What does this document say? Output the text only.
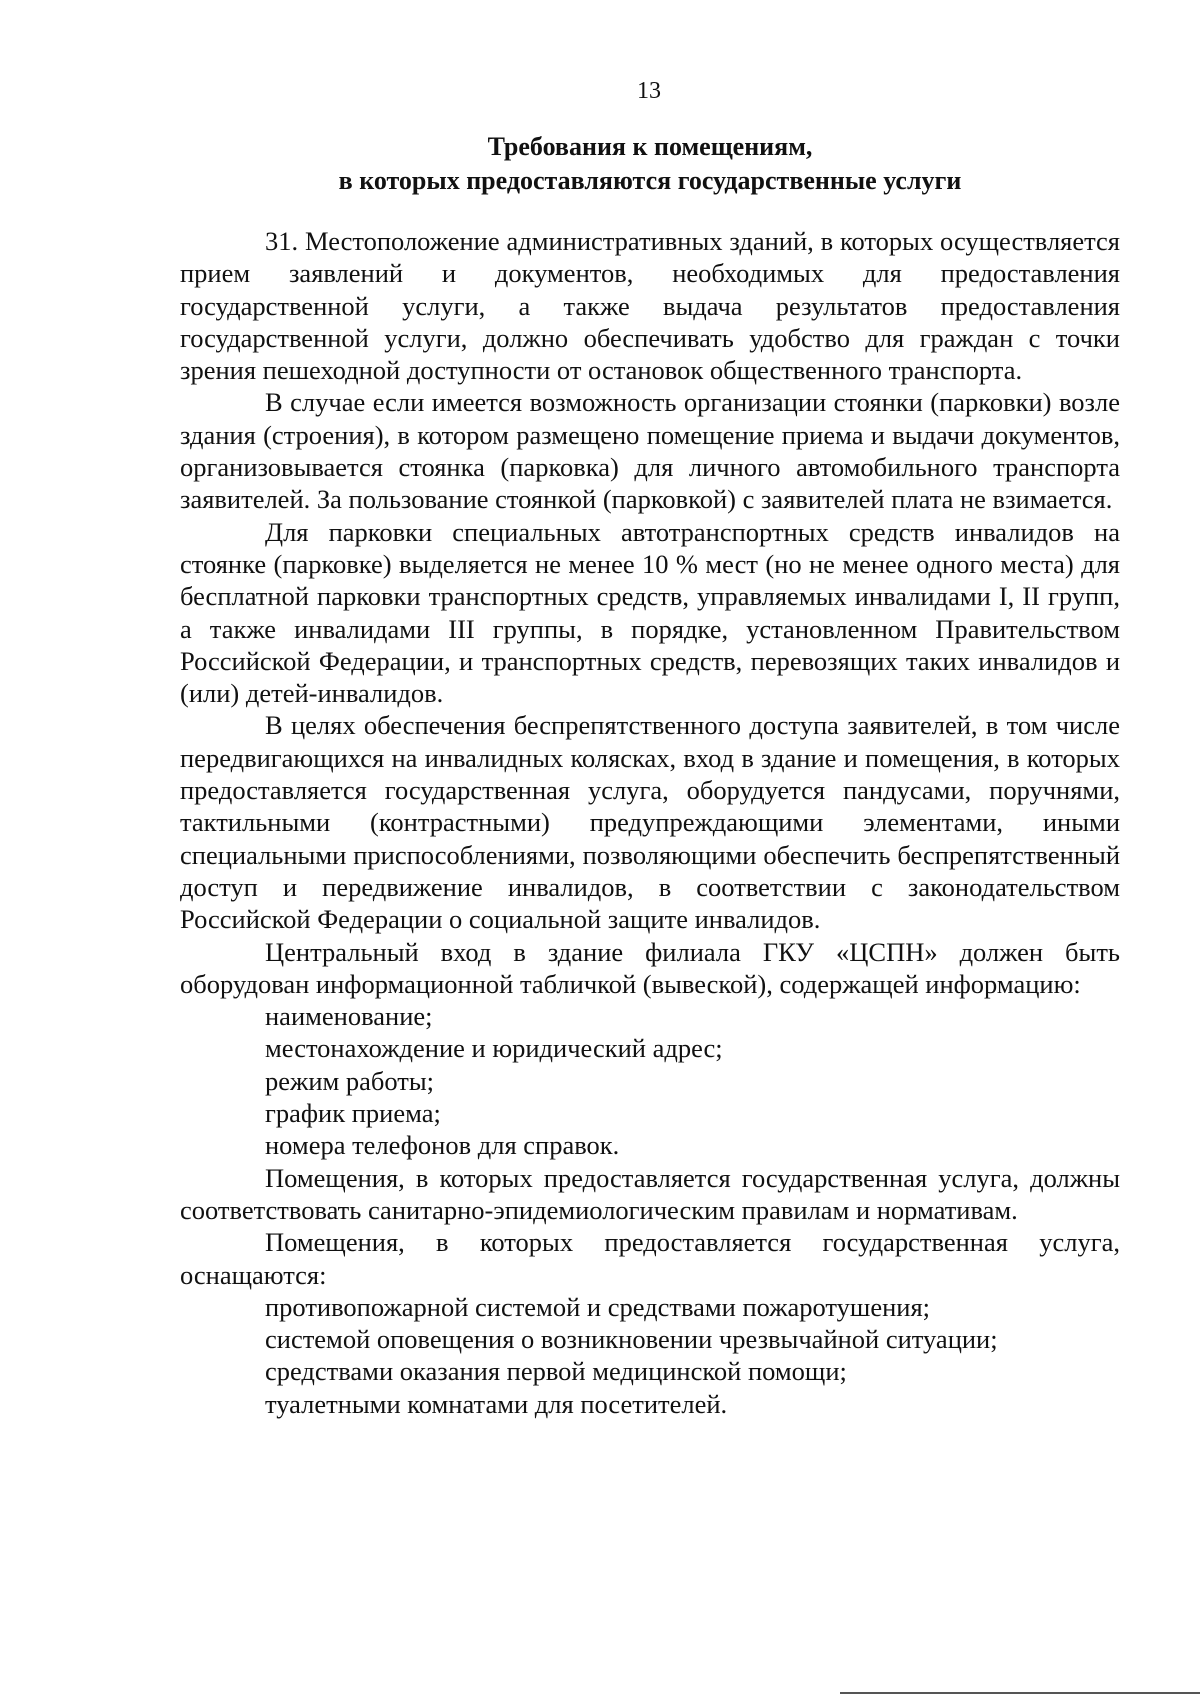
13
Требования к помещениям,
в которых предоставляются государственные услуги

31. Местоположение административных зданий, в которых осуществляется прием заявлений и документов, необходимых для предоставления государственной услуги, а также выдача результатов предоставления государственной услуги, должно обеспечивать удобство для граждан с точки зрения пешеходной доступности от остановок общественного транспорта.

В случае если имеется возможность организации стоянки (парковки) возле здания (строения), в котором размещено помещение приема и выдачи документов, организовывается стоянка (парковка) для личного автомобильного транспорта заявителей. За пользование стоянкой (парковкой) с заявителей плата не взимается.

Для парковки специальных автотранспортных средств инвалидов на стоянке (парковке) выделяется не менее 10 % мест (но не менее одного места) для бесплатной парковки транспортных средств, управляемых инвалидами I, II групп, а также инвалидами III группы, в порядке, установленном Правительством Российской Федерации, и транспортных средств, перевозящих таких инвалидов и (или) детей-инвалидов.

В целях обеспечения беспрепятственного доступа заявителей, в том числе передвигающихся на инвалидных колясках, вход в здание и помещения, в которых предоставляется государственная услуга, оборудуется пандусами, поручнями, тактильными (контрастными) предупреждающими элементами, иными специальными приспособлениями, позволяющими обеспечить беспрепятственный доступ и передвижение инвалидов, в соответствии с законодательством Российской Федерации о социальной защите инвалидов.

Центральный вход в здание филиала ГКУ «ЦСПН» должен быть оборудован информационной табличкой (вывеской), содержащей информацию:

наименование;
местонахождение и юридический адрес;
режим работы;
график приема;
номера телефонов для справок.

Помещения, в которых предоставляется государственная услуга, должны соответствовать санитарно-эпидемиологическим правилам и нормативам.

Помещения, в которых предоставляется государственная услуга, оснащаются:

противопожарной системой и средствами пожаротушения;
системой оповещения о возникновении чрезвычайной ситуации;
средствами оказания первой медицинской помощи;
туалетными комнатами для посетителей.
